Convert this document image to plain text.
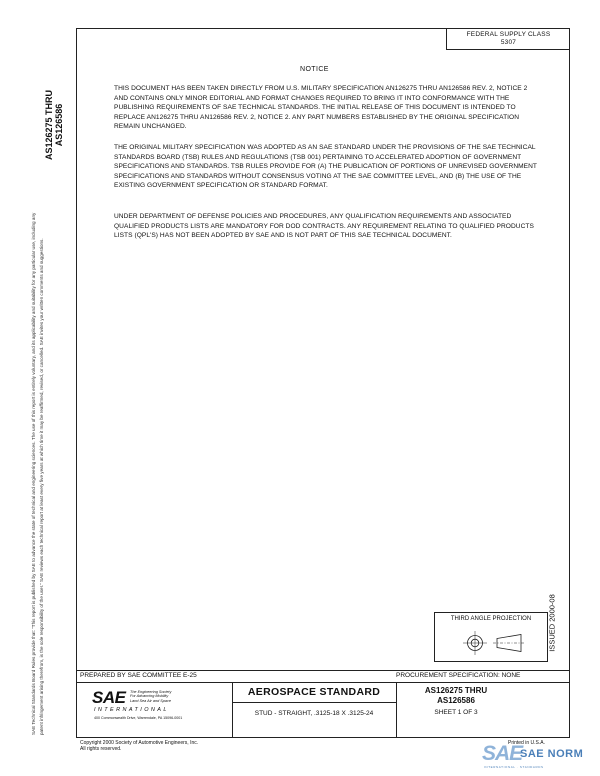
FEDERAL SUPPLY CLASS
5307
AS126275 THRU AS126586
SAE Technical Standards Board Rules provide that: "This report is published by SAE to advance the state of technical and engineering sciences. The use of this report is entirely voluntary, and its applicability and suitability for any particular use, including any patent infringement arising therefrom, is the sole responsibility of the user." SAE reviews each technical report at least every five years at which time it may be reaffirmed, revised, or cancelled. SAE invites your written comments and suggestions.
NOTICE
THIS DOCUMENT HAS BEEN TAKEN DIRECTLY FROM U.S. MILITARY SPECIFICATION AN126275 THRU AN126586 REV. 2, NOTICE 2 AND CONTAINS ONLY MINOR EDITORIAL AND FORMAT CHANGES REQUIRED TO BRING IT INTO CONFORMANCE WITH THE PUBLISHING REQUIREMENTS OF SAE TECHNICAL STANDARDS. THE INITIAL RELEASE OF THIS DOCUMENT IS INTENDED TO REPLACE AN126275 THRU AN126586 REV. 2, NOTICE 2. ANY PART NUMBERS ESTABLISHED BY THE ORIGINAL SPECIFICATION REMAIN UNCHANGED.
THE ORIGINAL MILITARY SPECIFICATION WAS ADOPTED AS AN SAE STANDARD UNDER THE PROVISIONS OF THE SAE TECHNICAL STANDARDS BOARD (TSB) RULES AND REGULATIONS (TSB 001) PERTAINING TO ACCELERATED ADOPTION OF GOVERNMENT SPECIFICATIONS AND STANDARDS. TSB RULES PROVIDE FOR (A) THE PUBLICATION OF PORTIONS OF UNREVISED GOVERNMENT SPECIFICATIONS AND STANDARDS WITHOUT CONSENSUS VOTING AT THE SAE COMMITTEE LEVEL, AND (B) THE USE OF THE EXISTING GOVERNMENT SPECIFICATION OR STANDARD FORMAT.
UNDER DEPARTMENT OF DEFENSE POLICIES AND PROCEDURES, ANY QUALIFICATION REQUIREMENTS AND ASSOCIATED QUALIFIED PRODUCTS LISTS ARE MANDATORY FOR DOD CONTRACTS. ANY REQUIREMENT RELATING TO QUALIFIED PRODUCTS LISTS (QPL'S) HAS NOT BEEN ADOPTED BY SAE AND IS NOT PART OF THIS SAE TECHNICAL DOCUMENT.
ISSUED 2000-08
THIRD ANGLE PROJECTION
PREPARED BY SAE COMMITTEE E-25	PROCUREMENT SPECIFICATION: NONE
SAE The Engineering Society
For Advancing Mobility
Land Sea Air and Space
INTERNATIONAL
400 Commonwealth Drive, Warrendale, PA 15096-0001
AEROSPACE STANDARD
STUD - STRAIGHT, .3125-18 X .3125-24
AS126275 THRU
AS126586
SHEET 1 OF 3
Copyright 2000 Society of Automotive Engineers, Inc.
All rights reserved.
Printed in U.S.A.
SAE
SAE NORM
INTERNATIONAL · STANDARDS
